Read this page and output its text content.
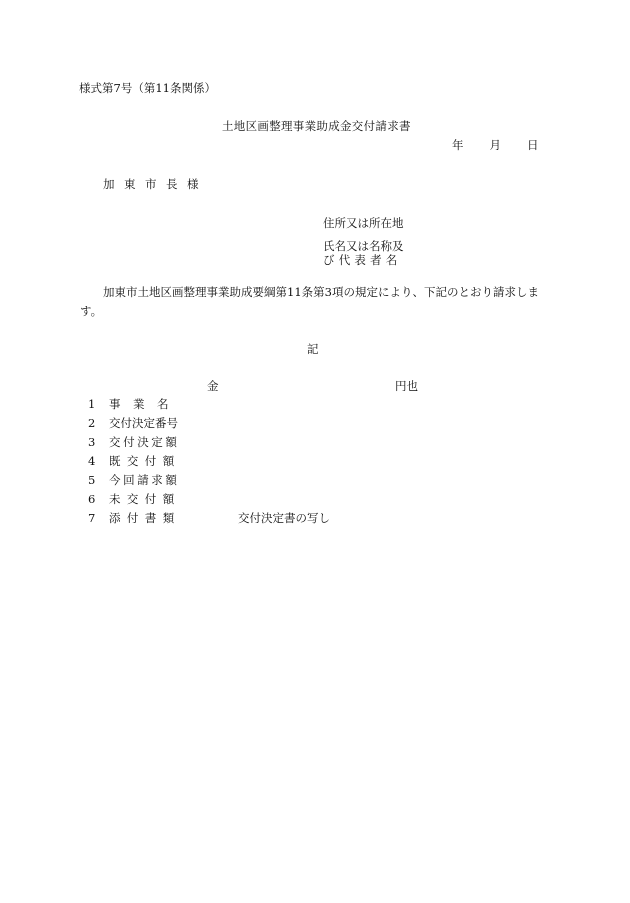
様式第7号（第11条関係）
土地区画整理事業助成金交付請求書
年 月 日
加東市長様
住所又は所在地
氏名又は名称及
び代表者名
加東市土地区画整理事業助成要綱第11条第3項の規定により、下記のとおり請求します。
記
金	円也
1	事業名
2	交付決定番号
3	交付決定額
4	既交付額
5	今回請求額
6	未交付額
7	添付書類	交付決定書の写し
